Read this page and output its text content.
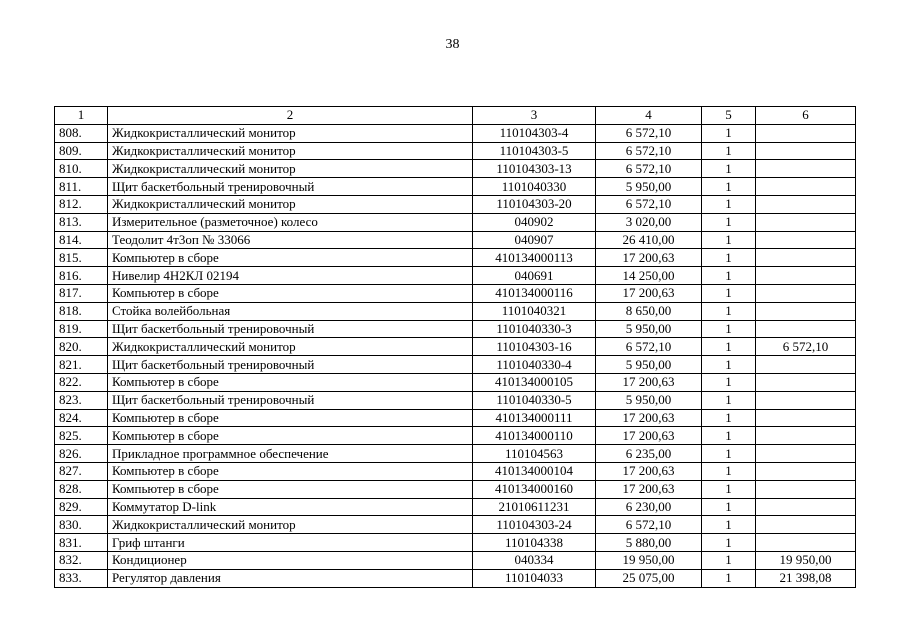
38
1	2	3	4	5	6
808.	Жидкокристаллический монитор	110104303-4	6 572,10	1	
809.	Жидкокристаллический монитор	110104303-5	6 572,10	1	
810.	Жидкокристаллический монитор	110104303-13	6 572,10	1	
811.	Щит баскетбольный тренировочный	1101040330	5 950,00	1	
812.	Жидкокристаллический монитор	110104303-20	6 572,10	1	
813.	Измерительное (разметочное) колесо	040902	3 020,00	1	
814.	Теодолит 4т3оп № 33066	040907	26 410,00	1	
815.	Компьютер в сборе	410134000113	17 200,63	1	
816.	Нивелир 4Н2КЛ 02194	040691	14 250,00	1	
817.	Компьютер в сборе	410134000116	17 200,63	1	
818.	Стойка волейбольная	1101040321	8 650,00	1	
819.	Щит баскетбольный тренировочный	1101040330-3	5 950,00	1	
820.	Жидкокристаллический монитор	110104303-16	6 572,10	1	6 572,10
821.	Щит баскетбольный тренировочный	1101040330-4	5 950,00	1	
822.	Компьютер в сборе	410134000105	17 200,63	1	
823.	Щит баскетбольный тренировочный	1101040330-5	5 950,00	1	
824.	Компьютер в сборе	410134000111	17 200,63	1	
825.	Компьютер в сборе	410134000110	17 200,63	1	
826.	Прикладное программное обеспечение	110104563	6 235,00	1	
827.	Компьютер в сборе	410134000104	17 200,63	1	
828.	Компьютер в сборе	410134000160	17 200,63	1	
829.	Коммутатор D-link	21010611231	6 230,00	1	
830.	Жидкокристаллический монитор	110104303-24	6 572,10	1	
831.	Гриф штанги	110104338	5 880,00	1	
832.	Кондиционер	040334	19 950,00	1	19 950,00
833.	Регулятор давления	110104033	25 075,00	1	21 398,08
